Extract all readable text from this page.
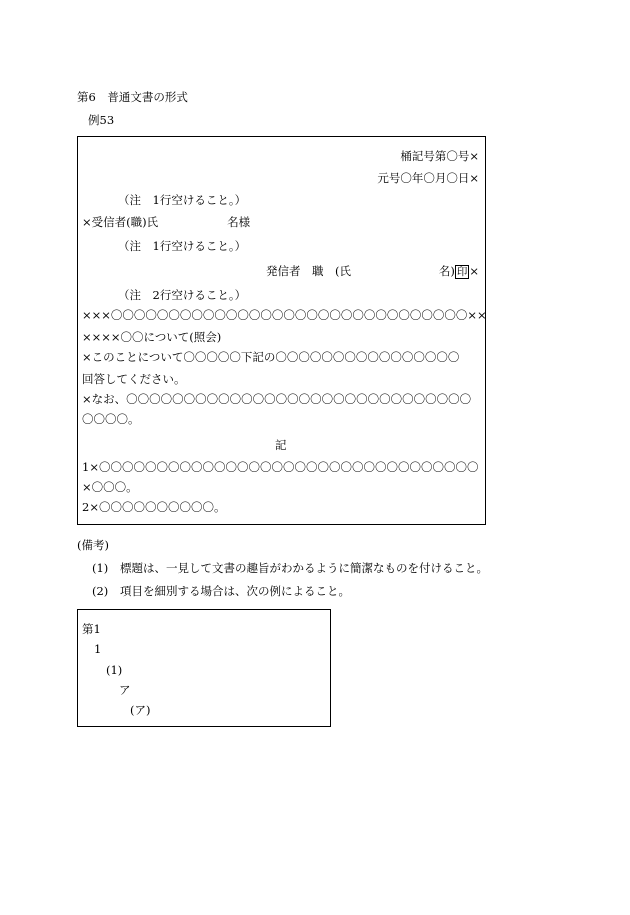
第6　普通文書の形式
例53
桶記号第〇号×
元号〇年〇月〇日×
（注　1行空けること。）
×受信者(職)氏　　　　　　名様
（注　1行空けること。）
発信者　職　(氏	名) 印 ×
（注　2行空けること。）
×××〇〇〇〇〇〇〇〇〇〇〇〇〇〇〇〇〇〇〇〇〇〇〇〇〇〇〇〇〇〇〇××
××××〇〇について(照会)
×このことについて〇〇〇〇〇下記の〇〇〇〇〇〇〇〇〇〇〇〇〇〇〇〇
回答してください。
×なお、〇〇〇〇〇〇〇〇〇〇〇〇〇〇〇〇〇〇〇〇〇〇〇〇〇〇〇〇〇〇
〇〇〇〇。
記
1×〇〇〇〇〇〇〇〇〇〇〇〇〇〇〇〇〇〇〇〇〇〇〇〇〇〇〇〇〇〇〇〇〇
×〇〇〇。
2×〇〇〇〇〇〇〇〇〇〇。
(備考)
(1) 標題は、一見して文書の趣旨がわかるように簡潔なものを付けること。
(2) 項目を細別する場合は、次の例によること。
第1
1
(1)
ア
(ア)
